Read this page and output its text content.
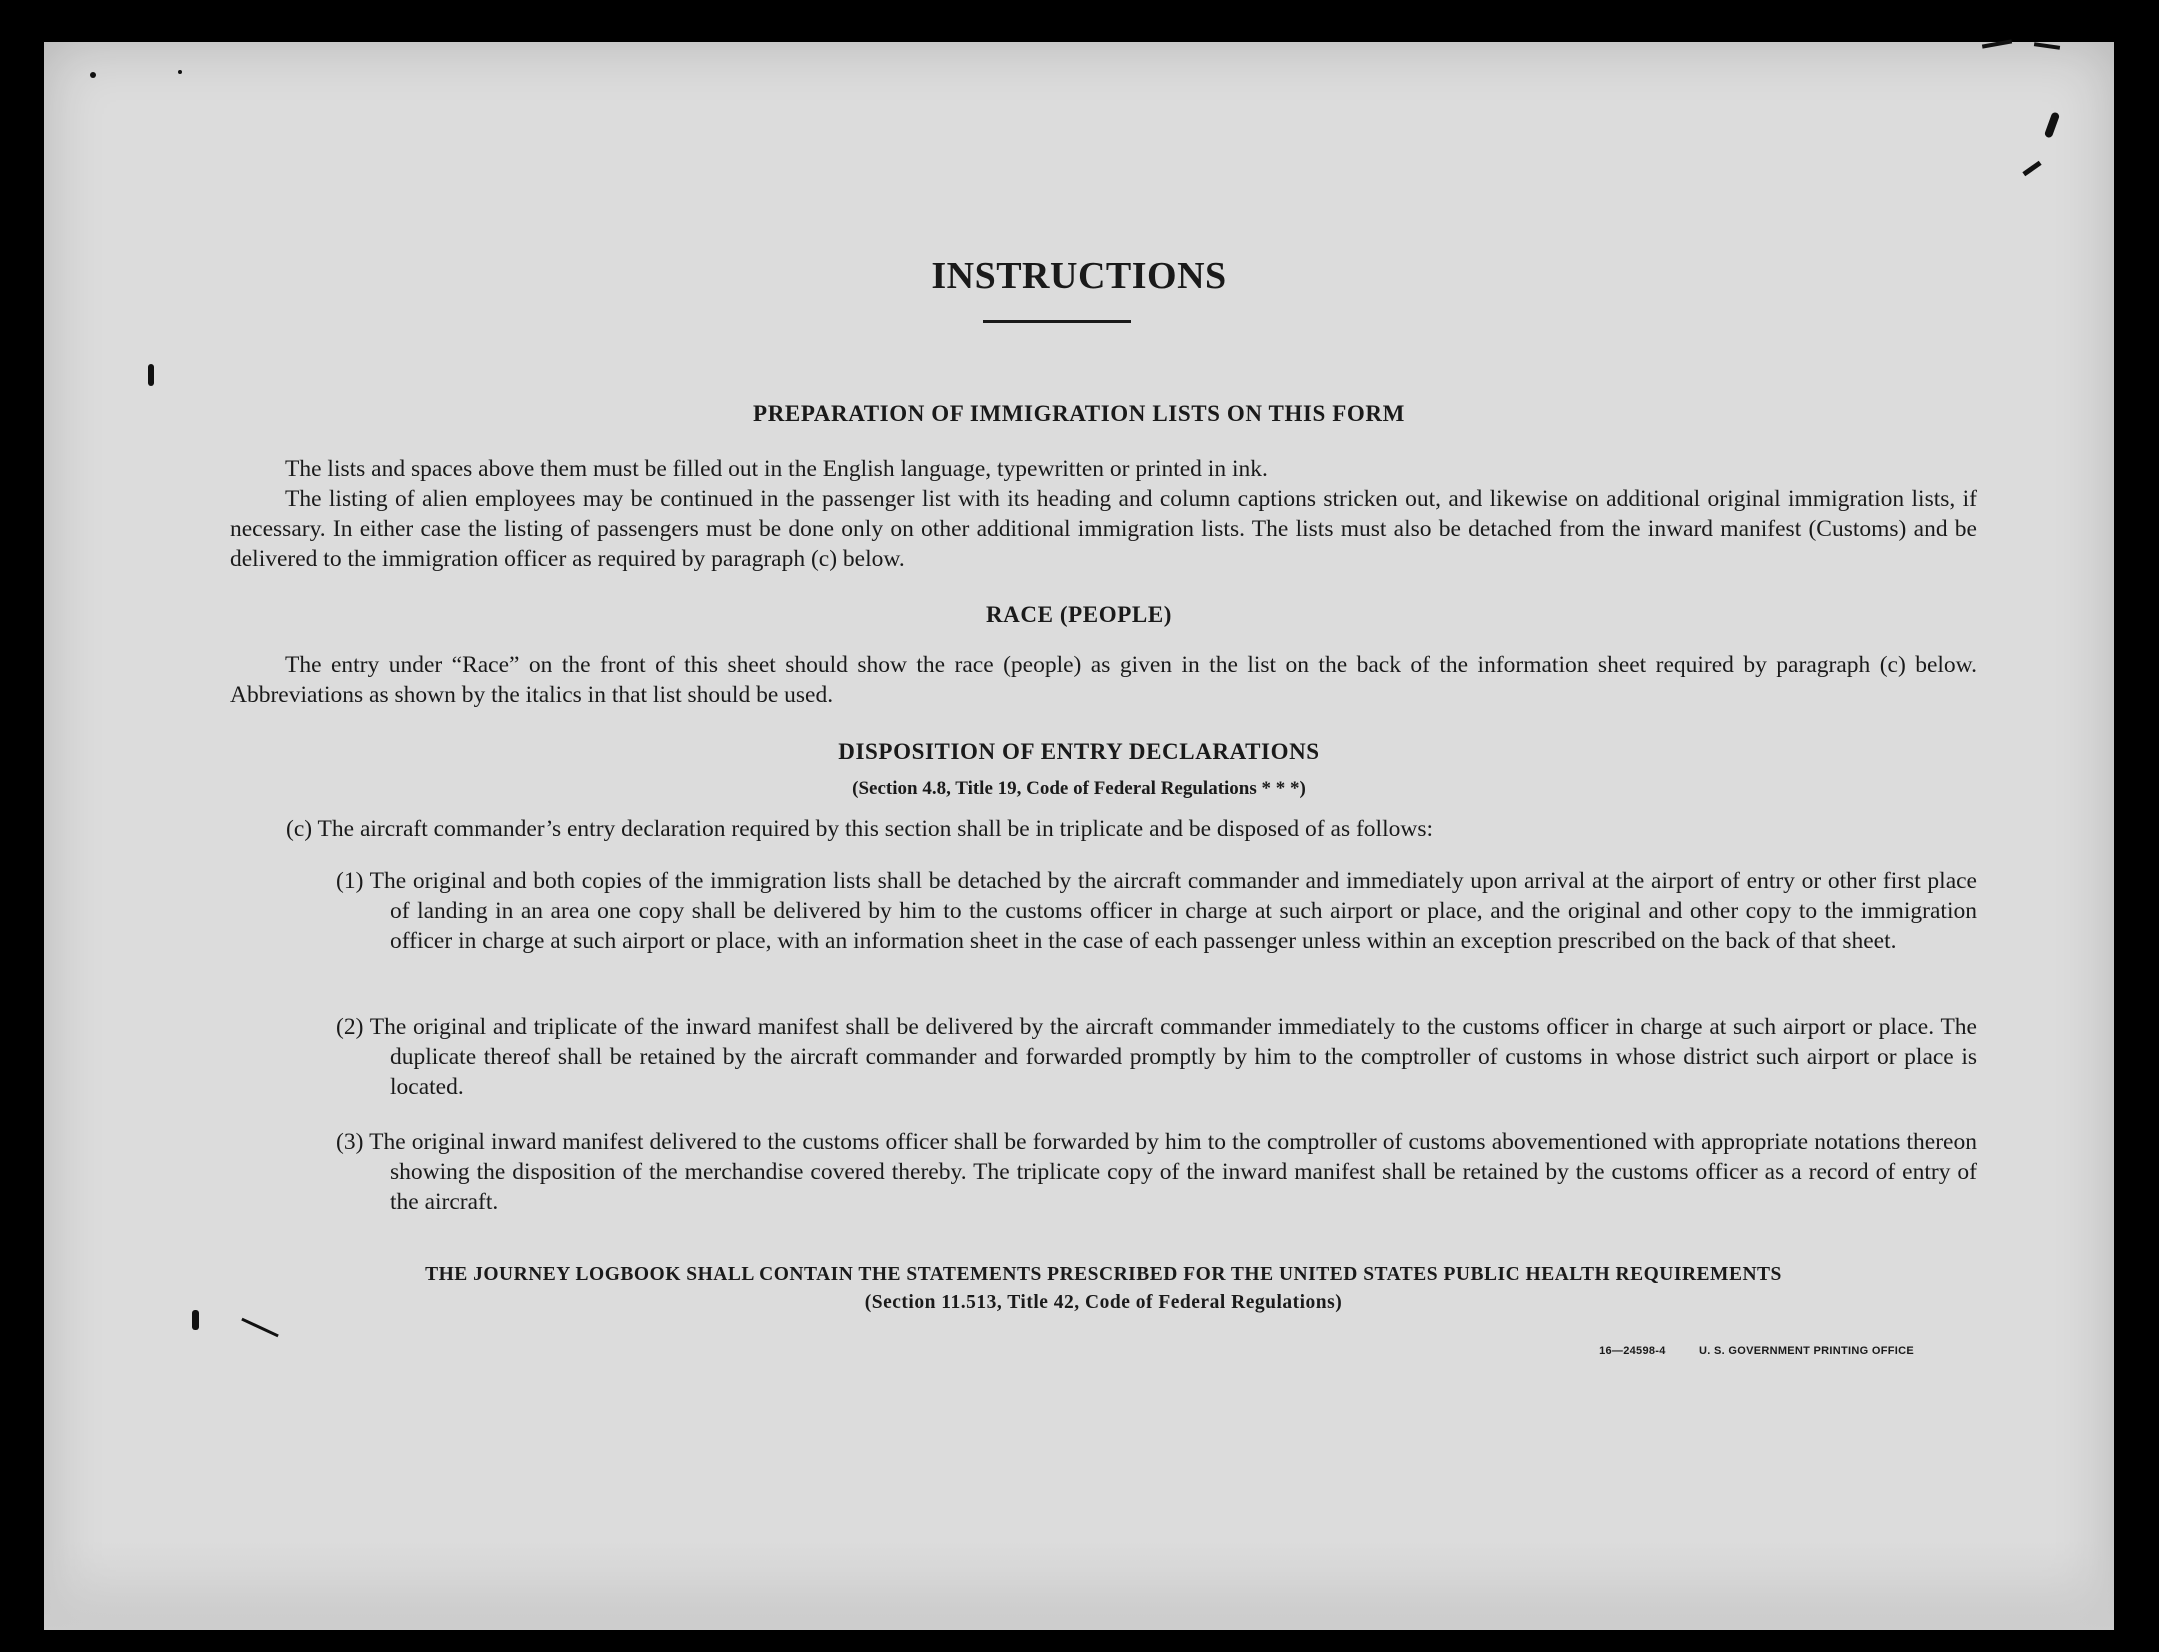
INSTRUCTIONS
PREPARATION OF IMMIGRATION LISTS ON THIS FORM

The lists and spaces above them must be filled out in the English language, typewritten or printed in ink.

The listing of alien employees may be continued in the passenger list with its heading and column captions stricken out, and likewise on additional original immigration lists, if necessary. In either case the listing of passengers must be done only on other additional immigration lists. The lists must also be detached from the inward manifest (Customs) and be delivered to the immigration officer as required by paragraph (c) below.

RACE (PEOPLE)

The entry under “Race” on the front of this sheet should show the race (people) as given in the list on the back of the information sheet required by paragraph (c) below. Abbreviations as shown by the italics in that list should be used.

DISPOSITION OF ENTRY DECLARATIONS
(Section 4.8, Title 19, Code of Federal Regulations * * *)
(c) The aircraft commander’s entry declaration required by this section shall be in triplicate and be disposed of as follows:
(1) The original and both copies of the immigration lists shall be detached by the aircraft commander and immediately upon arrival at the airport of entry or other first place of landing in an area one copy shall be delivered by him to the customs officer in charge at such airport or place, and the original and other copy to the immigration officer in charge at such airport or place, with an information sheet in the case of each passenger unless within an exception prescribed on the back of that sheet.
(2) The original and triplicate of the inward manifest shall be delivered by the aircraft commander immediately to the customs officer in charge at such airport or place. The duplicate thereof shall be retained by the aircraft commander and forwarded promptly by him to the comptroller of customs in whose district such airport or place is located.
(3) The original inward manifest delivered to the customs officer shall be forwarded by him to the comptroller of customs abovementioned with appropriate notations thereon showing the disposition of the merchandise covered thereby. The triplicate copy of the inward manifest shall be retained by the customs officer as a record of entry of the aircraft.
THE JOURNEY LOGBOOK SHALL CONTAIN THE STATEMENTS PRESCRIBED FOR THE UNITED STATES PUBLIC HEALTH REQUIREMENTS
(Section 11.513, Title 42, Code of Federal Regulations)
16—24598-4	U. S. GOVERNMENT PRINTING OFFICE
